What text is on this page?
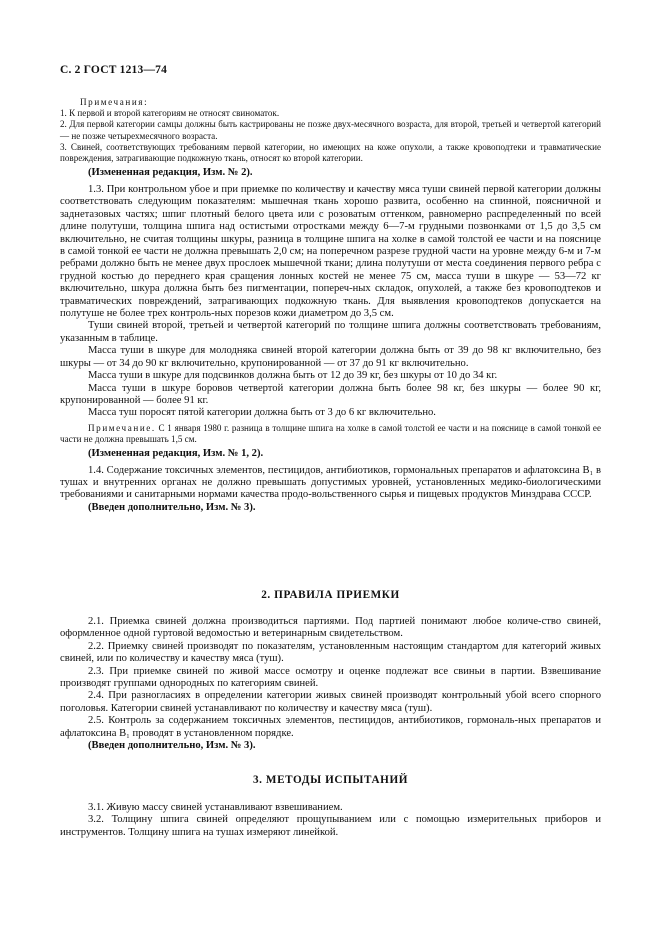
С. 2 ГОСТ 1213—74

Примечания:

1. К первой и второй категориям не относят свиноматок.

2. Для первой категории самцы должны быть кастрированы не позже двух-месячного возраста, для второй, третьей и четвертой категорий — не позже четырехмесячного возраста.

3. Свиней, соответствующих требованиям первой категории, но имеющих на коже опухоли, а также кровоподтеки и травматические повреждения, затрагивающие подкожную ткань, относят ко второй категории.

(Измененная редакция, Изм. № 2).

1.3. При контрольном убое и при приемке по количеству и качеству мяса туши свиней первой категории должны соответствовать следующим показателям: мышечная ткань хорошо развита, особенно на спинной, поясничной и заднетазовых частях; шпиг плотный белого цвета или с розоватым оттенком, равномерно распределенный по всей длине полутуши, толщина шпига над остистыми отростками между 6—7-м грудными позвонками от 1,5 до 3,5 см включительно, не считая толщины шкуры, разница в толщине шпига на холке в самой толстой ее части и на пояснице в самой тонкой ее части не должна превышать 2,0 см; на поперечном разрезе грудной части на уровне между 6-м и 7-м ребрами должно быть не менее двух прослоек мышечной ткани; длина полутуши от места соединения первого ребра с грудной костью до переднего края сращения лонных костей не менее 75 см, масса туши в шкуре — 53—72 кг включительно, шкура должна быть без пигментации, попереч-ных складок, опухолей, а также без кровоподтеков и травматических повреждений, затрагивающих подкожную ткань. Для выявления кровоподтеков допускается на полутуше не более трех контроль-ных порезов кожи диаметром до 3,5 см.

Туши свиней второй, третьей и четвертой категорий по толщине шпига должны соответствовать требованиям, указанным в таблице.

Масса туши в шкуре для молодняка свиней второй категории должна быть от 39 до 98 кг включительно, без шкуры — от 34 до 90 кг включительно, крупонированной — от 37 до 91 кг включительно.

Масса туши в шкуре для подсвинков должна быть от 12 до 39 кг, без шкуры от 10 до 34 кг.

Масса туши в шкуре боровов четвертой категории должна быть более 98 кг, без шкуры — более 90 кг, крупонированной — более 91 кг.

Масса туш поросят пятой категории должна быть от 3 до 6 кг включительно.

Примечание. С 1 января 1980 г. разница в толщине шпига на холке в самой толстой ее части и на пояснице в самой тонкой ее части не должна превышать 1,5 см.

(Измененная редакция, Изм. № 1, 2).

1.4. Содержание токсичных элементов, пестицидов, антибиотиков, гормональных препаратов и афлатоксина B₁ в тушах и внутренних органах не должно превышать допустимых уровней, установленных медико-биологическими требованиями и санитарными нормами качества продо-вольственного сырья и пищевых продуктов Минздрава СССР.

(Введен дополнительно, Изм. № 3).

2. ПРАВИЛА ПРИЕМКИ

2.1. Приемка свиней должна производиться партиями. Под партией понимают любое количе-ство свиней, оформленное одной гуртовой ведомостью и ветеринарным свидетельством.

2.2. Приемку свиней производят по показателям, установленным настоящим стандартом для категорий живых свиней, или по количеству и качеству мяса (туш).

2.3. При приемке свиней по живой массе осмотру и оценке подлежат все свиньи в партии. Взвешивание производят группами однородных по категориям свиней.

2.4. При разногласиях в определении категории живых свиней производят контрольный убой всего спорного поголовья. Категории свиней устанавливают по количеству и качеству мяса (туш).

2.5. Контроль за содержанием токсичных элементов, пестицидов, антибиотиков, гормональ-ных препаратов и афлатоксина B₁ проводят в установленном порядке.

(Введен дополнительно, Изм. № 3).

3. МЕТОДЫ ИСПЫТАНИЙ

3.1. Живую массу свиней устанавливают взвешиванием.

3.2. Толщину шпига свиней определяют прощупыванием или с помощью измерительных приборов и инструментов. Толщину шпига на тушах измеряют линейкой.
